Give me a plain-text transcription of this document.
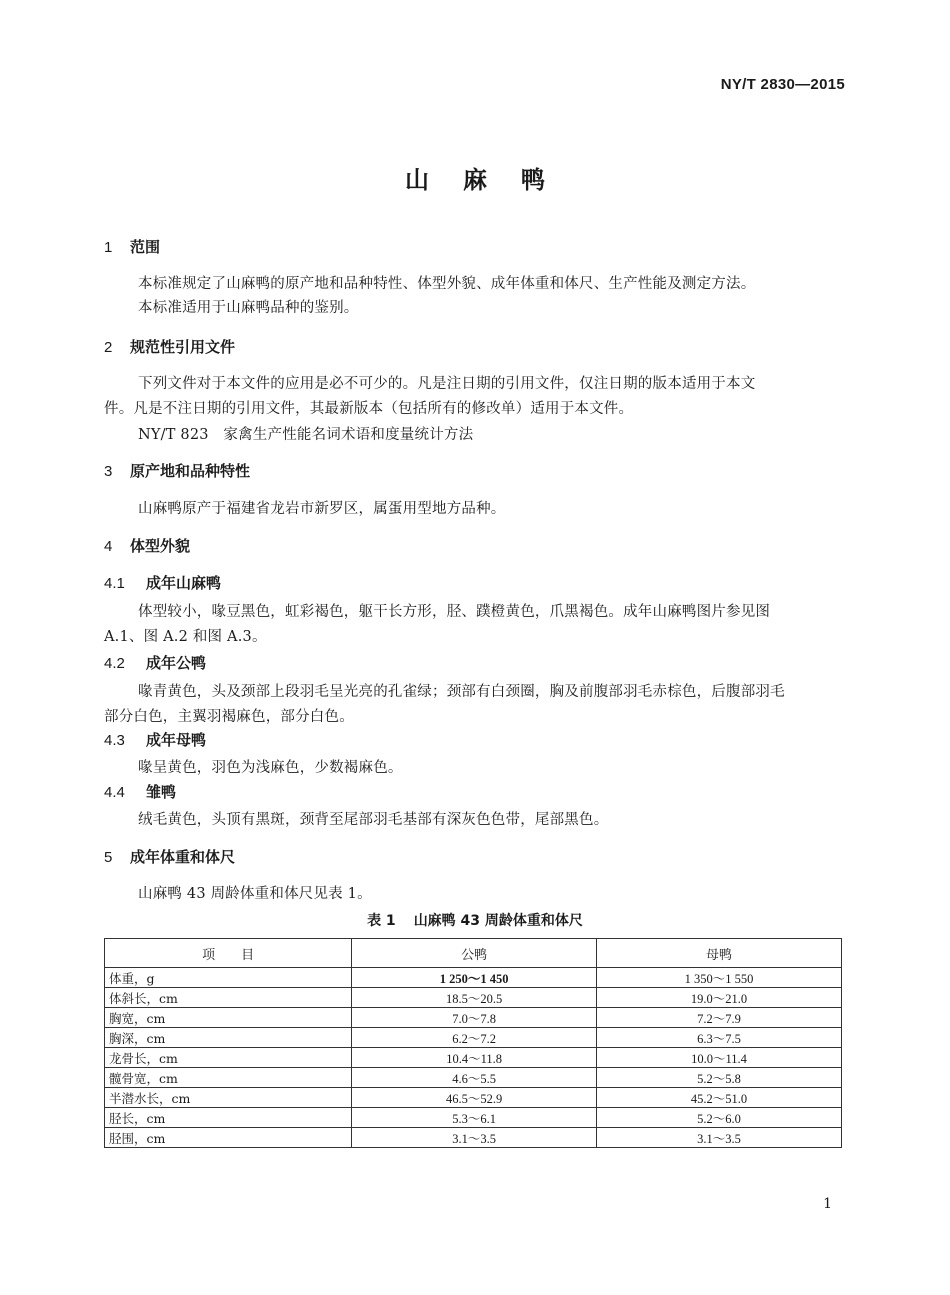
NY/T 2830—2015
山麻鸭
1 范围
本标准规定了山麻鸭的原产地和品种特性、体型外貌、成年体重和体尺、生产性能及测定方法。
本标准适用于山麻鸭品种的鉴别。
2 规范性引用文件
下列文件对于本文件的应用是必不可少的。凡是注日期的引用文件，仅注日期的版本适用于本文
件。凡是不注日期的引用文件，其最新版本（包括所有的修改单）适用于本文件。
NY/T 823　家禽生产性能名词术语和度量统计方法
3 原产地和品种特性
山麻鸭原产于福建省龙岩市新罗区，属蛋用型地方品种。
4 体型外貌
4.1 成年山麻鸭
体型较小，喙豆黑色，虹彩褐色，躯干长方形，胫、蹼橙黄色，爪黑褐色。成年山麻鸭图片参见图
A.1、图 A.2 和图 A.3。
4.2 成年公鸭
喙青黄色，头及颈部上段羽毛呈光亮的孔雀绿；颈部有白颈圈，胸及前腹部羽毛赤棕色，后腹部羽毛
部分白色，主翼羽褐麻色，部分白色。
4.3 成年母鸭
喙呈黄色，羽色为浅麻色，少数褐麻色。
4.4 雏鸭
绒毛黄色，头顶有黑斑，颈背至尾部羽毛基部有深灰色色带，尾部黑色。
5 成年体重和体尺
山麻鸭 43 周龄体重和体尺见表 1。
表 1 山麻鸭 43 周龄体重和体尺
项　　目	公鸭	母鸭
体重，g	1 250～1 450	1 350～1 550
体斜长，cm	18.5～20.5	19.0～21.0
胸宽，cm	7.0～7.8	7.2～7.9
胸深，cm	6.2～7.2	6.3～7.5
龙骨长，cm	10.4～11.8	10.0～11.4
髋骨宽，cm	4.6～5.5	5.2～5.8
半潜水长，cm	46.5～52.9	45.2～51.0
胫长，cm	5.3～6.1	5.2～6.0
胫围，cm	3.1～3.5	3.1～3.5
1
